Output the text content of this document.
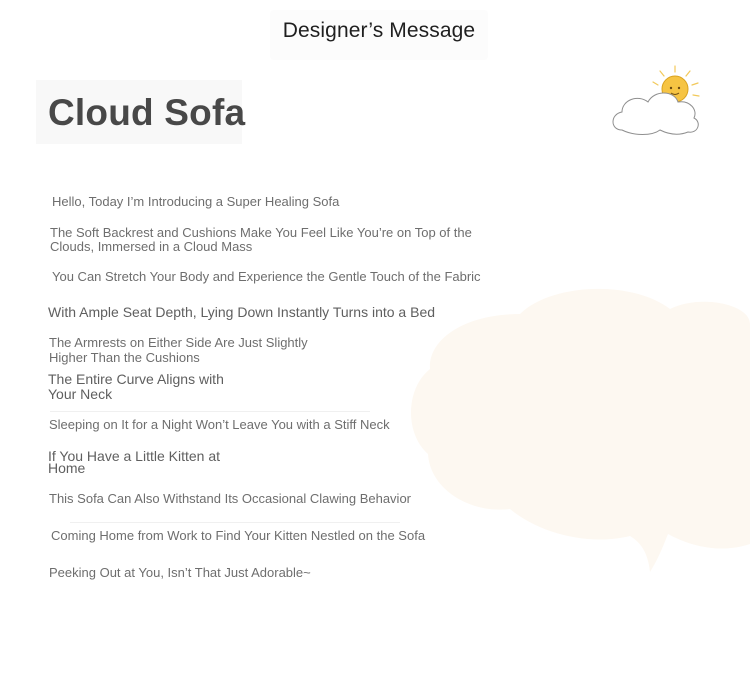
Designer’s Message
Cloud Sofa
Hello, Today I’m Introducing a Super Healing Sofa
The Soft Backrest and Cushions Make You Feel Like You’re on Top of the
Clouds, Immersed in a Cloud Mass
You Can Stretch Your Body and Experience the Gentle Touch of the Fabric
With Ample Seat Depth, Lying Down Instantly Turns into a Bed
The Armrests on Either Side Are Just Slightly
Higher Than the Cushions
The Entire Curve Aligns with
Your Neck
Sleeping on It for a Night Won’t Leave You with a Stiff Neck
If You Have a Little Kitten at
Home
This Sofa Can Also Withstand Its Occasional Clawing Behavior
Coming Home from Work to Find Your Kitten Nestled on the Sofa
Peeking Out at You, Isn’t That Just Adorable~
